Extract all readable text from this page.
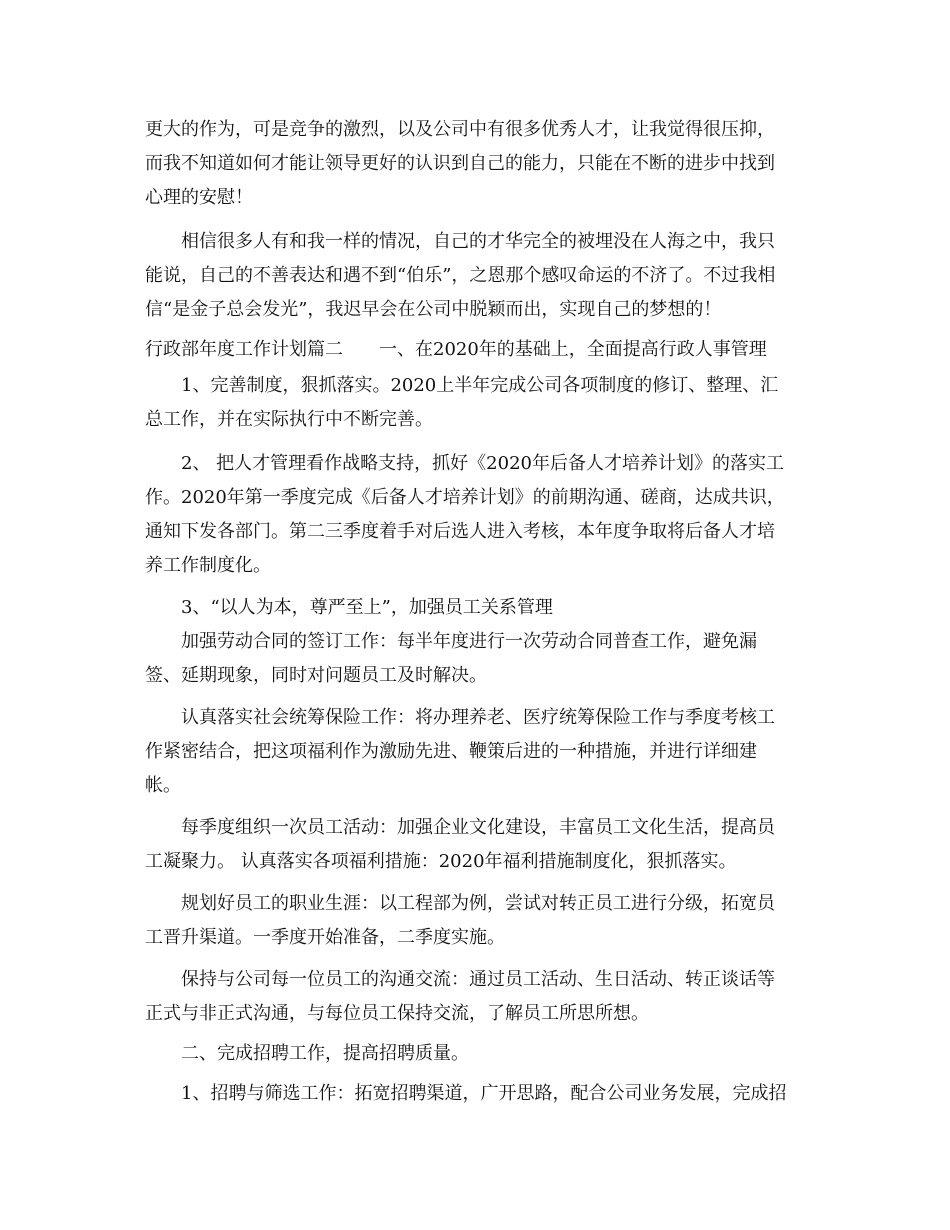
更大的作为，可是竞争的激烈，以及公司中有很多优秀人才，让我觉得很压抑，
而我不知道如何才能让领导更好的认识到自己的能力，只能在不断的进步中找到
心理的安慰！
相信很多人有和我一样的情况，自己的才华完全的被埋没在人海之中，我只
能说，自己的不善表达和遇不到“伯乐”，之恩那个感叹命运的不济了。不过我相
信“是金子总会发光”，我迟早会在公司中脱颖而出，实现自己的梦想的！
行政部年度工作计划篇二　　一、在2020年的基础上，全面提高行政人事管理
1、完善制度，狠抓落实。2020上半年完成公司各项制度的修订、整理、汇
总工作，并在实际执行中不断完善。
2、 把人才管理看作战略支持，抓好《2020年后备人才培养计划》的落实工
作。2020年第一季度完成《后备人才培养计划》的前期沟通、磋商，达成共识，
通知下发各部门。第二三季度着手对后选人进入考核，本年度争取将后备人才培
养工作制度化。
3、“以人为本，尊严至上”，加强员工关系管理
加强劳动合同的签订工作：每半年度进行一次劳动合同普查工作，避免漏
签、延期现象，同时对问题员工及时解决。
认真落实社会统筹保险工作：将办理养老、医疗统筹保险工作与季度考核工
作紧密结合，把这项福利作为激励先进、鞭策后进的一种措施，并进行详细建
帐。
每季度组织一次员工活动：加强企业文化建设，丰富员工文化生活，提高员
工凝聚力。 认真落实各项福利措施：2020年福利措施制度化，狠抓落实。
规划好员工的职业生涯：以工程部为例，尝试对转正员工进行分级，拓宽员
工晋升渠道。一季度开始准备，二季度实施。
保持与公司每一位员工的沟通交流：通过员工活动、生日活动、转正谈话等
正式与非正式沟通，与每位员工保持交流，了解员工所思所想。
二、完成招聘工作，提高招聘质量。
1、招聘与筛选工作：拓宽招聘渠道，广开思路，配合公司业务发展，完成招
